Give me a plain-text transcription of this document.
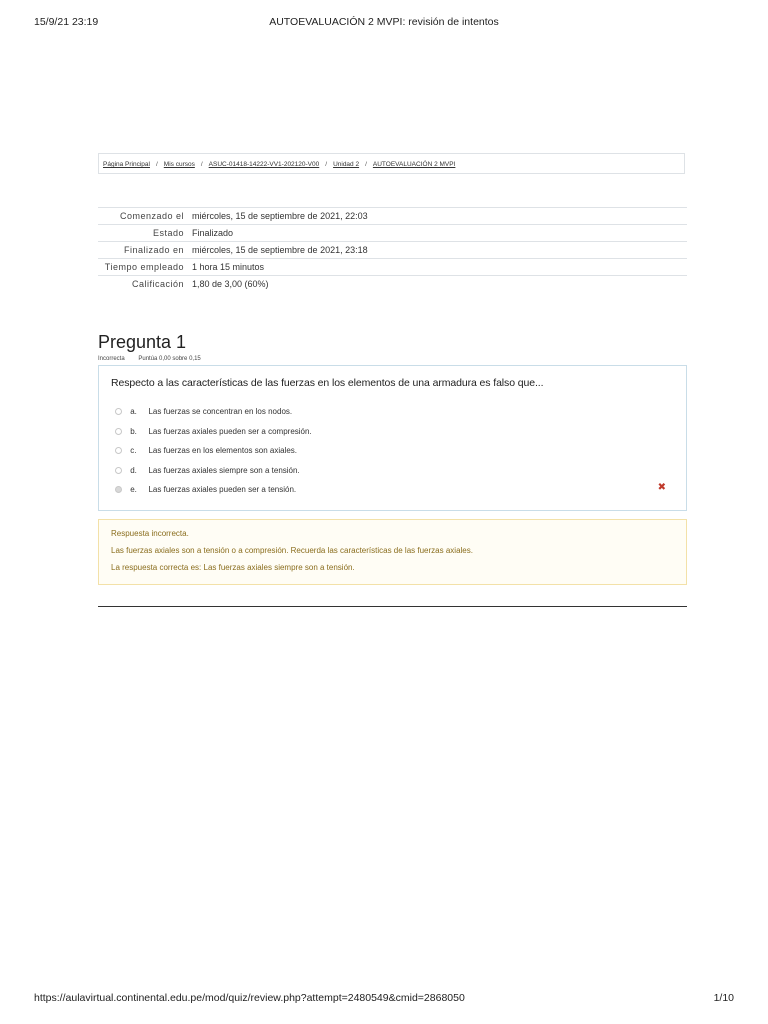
15/9/21 23:19	AUTOEVALUACIÓN 2 MVPI: revisión de intentos
Página Principal / Mis cursos / ASUC-01418-14222-VV1-202120-V00 / Unidad 2 / AUTOEVALUACIÓN 2 MVPI
Comenzado el	miércoles, 15 de septiembre de 2021, 22:03
Estado	Finalizado
Finalizado en	miércoles, 15 de septiembre de 2021, 23:18
Tiempo empleado	1 hora 15 minutos
Calificación	1,80 de 3,00 (60%)
Pregunta 1
Incorrecta Puntúa 0,00 sobre 0,15
Respecto a las características de las fuerzas en los elementos de una armadura es falso que...
a. Las fuerzas se concentran en los nodos.
b. Las fuerzas axiales pueden ser a compresión.
c. Las fuerzas en los elementos son axiales.
d. Las fuerzas axiales siempre son a tensión.
e. Las fuerzas axiales pueden ser a tensión.	✖
Respuesta incorrecta.
Las fuerzas axiales son a tensión o a compresión. Recuerda las características de las fuerzas axiales.
La respuesta correcta es: Las fuerzas axiales siempre son a tensión.
https://aulavirtual.continental.edu.pe/mod/quiz/review.php?attempt=2480549&cmid=2868050	1/10
